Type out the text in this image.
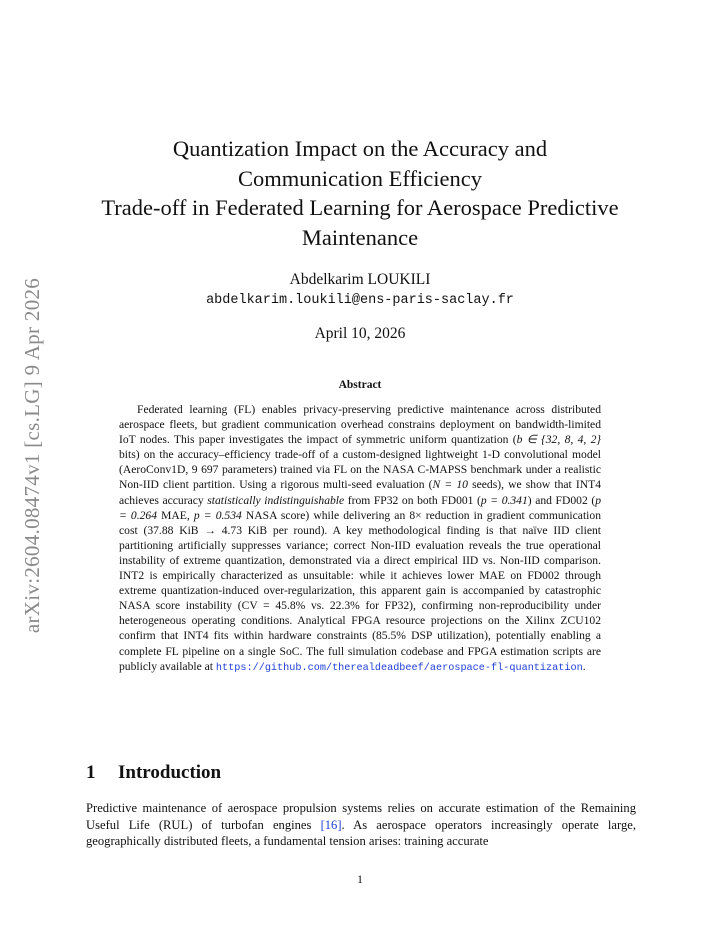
arXiv:2604.08474v1 [cs.LG] 9 Apr 2026
Quantization Impact on the Accuracy and
Communication Efficiency
Trade-off in Federated Learning for Aerospace Predictive
Maintenance
Abdelkarim LOUKILI
abdelkarim.loukili@ens-paris-saclay.fr
April 10, 2026
Abstract

Federated learning (FL) enables privacy-preserving predictive maintenance across distributed aerospace fleets, but gradient communication overhead constrains deployment on bandwidth-limited IoT nodes. This paper investigates the impact of symmetric uniform quantization (b ∈ {32, 8, 4, 2} bits) on the accuracy–efficiency trade-off of a custom-designed lightweight 1-D convolutional model (AeroConv1D, 9 697 parameters) trained via FL on the NASA C-MAPSS benchmark under a realistic Non-IID client partition. Using a rigorous multi-seed evaluation (N = 10 seeds), we show that INT4 achieves accuracy statistically indistinguishable from FP32 on both FD001 (p = 0.341) and FD002 (p = 0.264 MAE, p = 0.534 NASA score) while delivering an 8× reduction in gradient communication cost (37.88 KiB → 4.73 KiB per round). A key methodological finding is that naïve IID client partitioning artificially suppresses variance; correct Non-IID evaluation reveals the true operational instability of extreme quantization, demonstrated via a direct empirical IID vs. Non-IID comparison. INT2 is empirically characterized as unsuitable: while it achieves lower MAE on FD002 through extreme quantization-induced over-regularization, this apparent gain is accompanied by catastrophic NASA score instability (CV = 45.8% vs. 22.3% for FP32), confirming non-reproducibility under heterogeneous operating conditions. Analytical FPGA resource projections on the Xilinx ZCU102 confirm that INT4 fits within hardware constraints (85.5% DSP utilization), potentially enabling a complete FL pipeline on a single SoC. The full simulation codebase and FPGA estimation scripts are publicly available at https://github.com/therealdeadbeef/aerospace-fl-quantization.

1 Introduction

Predictive maintenance of aerospace propulsion systems relies on accurate estimation of the Remaining Useful Life (RUL) of turbofan engines [16]. As aerospace operators increasingly operate large, geographically distributed fleets, a fundamental tension arises: training accurate

1
